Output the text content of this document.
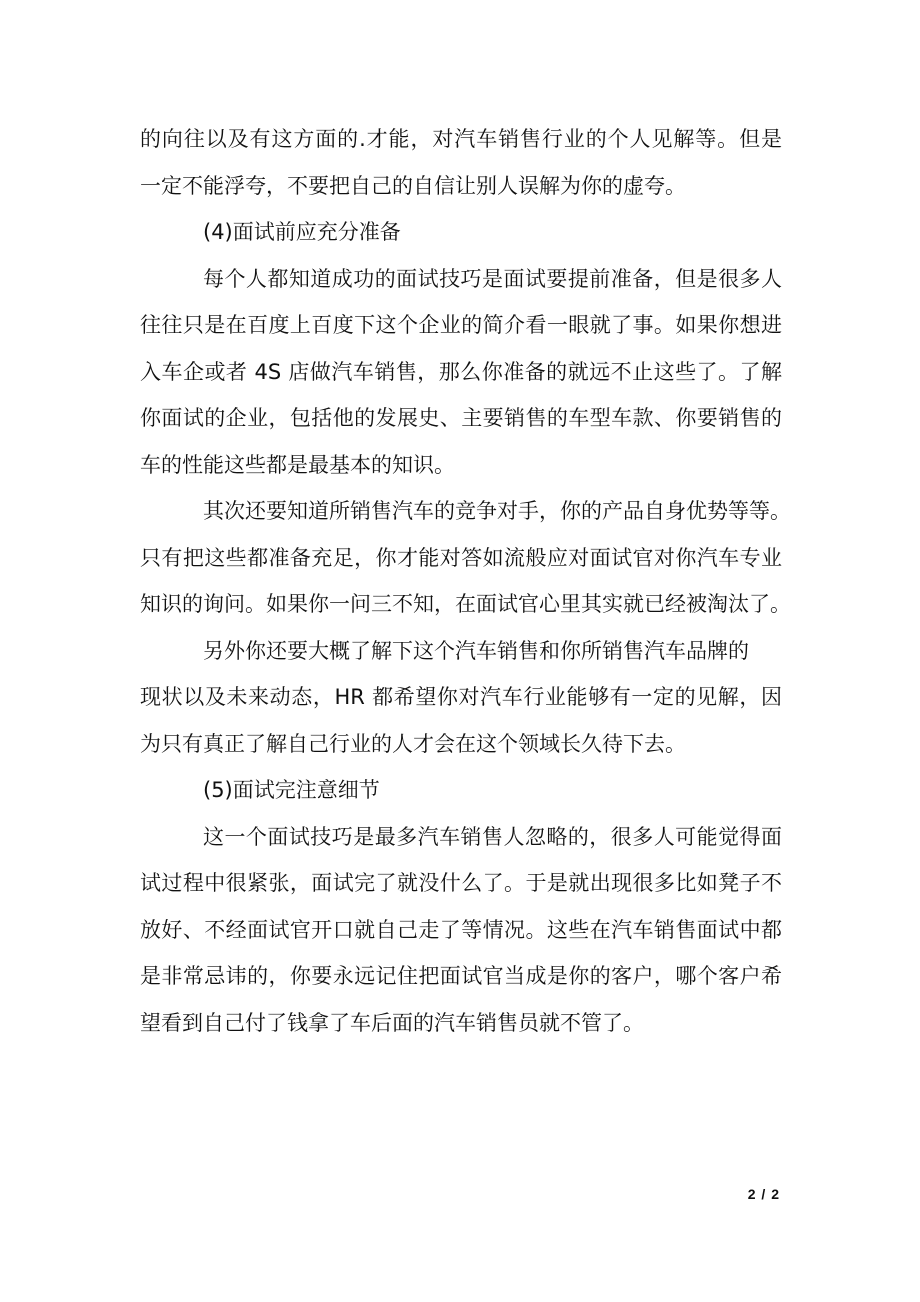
的向往以及有这方面的.才能，对汽车销售行业的个人见解等。但是
一定不能浮夸，不要把自己的自信让别人误解为你的虚夸。
(4)面试前应充分准备
每个人都知道成功的面试技巧是面试要提前准备，但是很多人
往往只是在百度上百度下这个企业的简介看一眼就了事。如果你想进
入车企或者 4S 店做汽车销售，那么你准备的就远不止这些了。了解
你面试的企业，包括他的发展史、主要销售的车型车款、你要销售的
车的性能这些都是最基本的知识。
其次还要知道所销售汽车的竞争对手，你的产品自身优势等等。
只有把这些都准备充足，你才能对答如流般应对面试官对你汽车专业
知识的询问。如果你一问三不知，在面试官心里其实就已经被淘汰了。
另外你还要大概了解下这个汽车销售和你所销售汽车品牌的
现状以及未来动态，HR 都希望你对汽车行业能够有一定的见解，因
为只有真正了解自己行业的人才会在这个领域长久待下去。
(5)面试完注意细节
这一个面试技巧是最多汽车销售人忽略的，很多人可能觉得面
试过程中很紧张，面试完了就没什么了。于是就出现很多比如凳子不
放好、不经面试官开口就自己走了等情况。这些在汽车销售面试中都
是非常忌讳的，你要永远记住把面试官当成是你的客户，哪个客户希
望看到自己付了钱拿了车后面的汽车销售员就不管了。
2 / 2
